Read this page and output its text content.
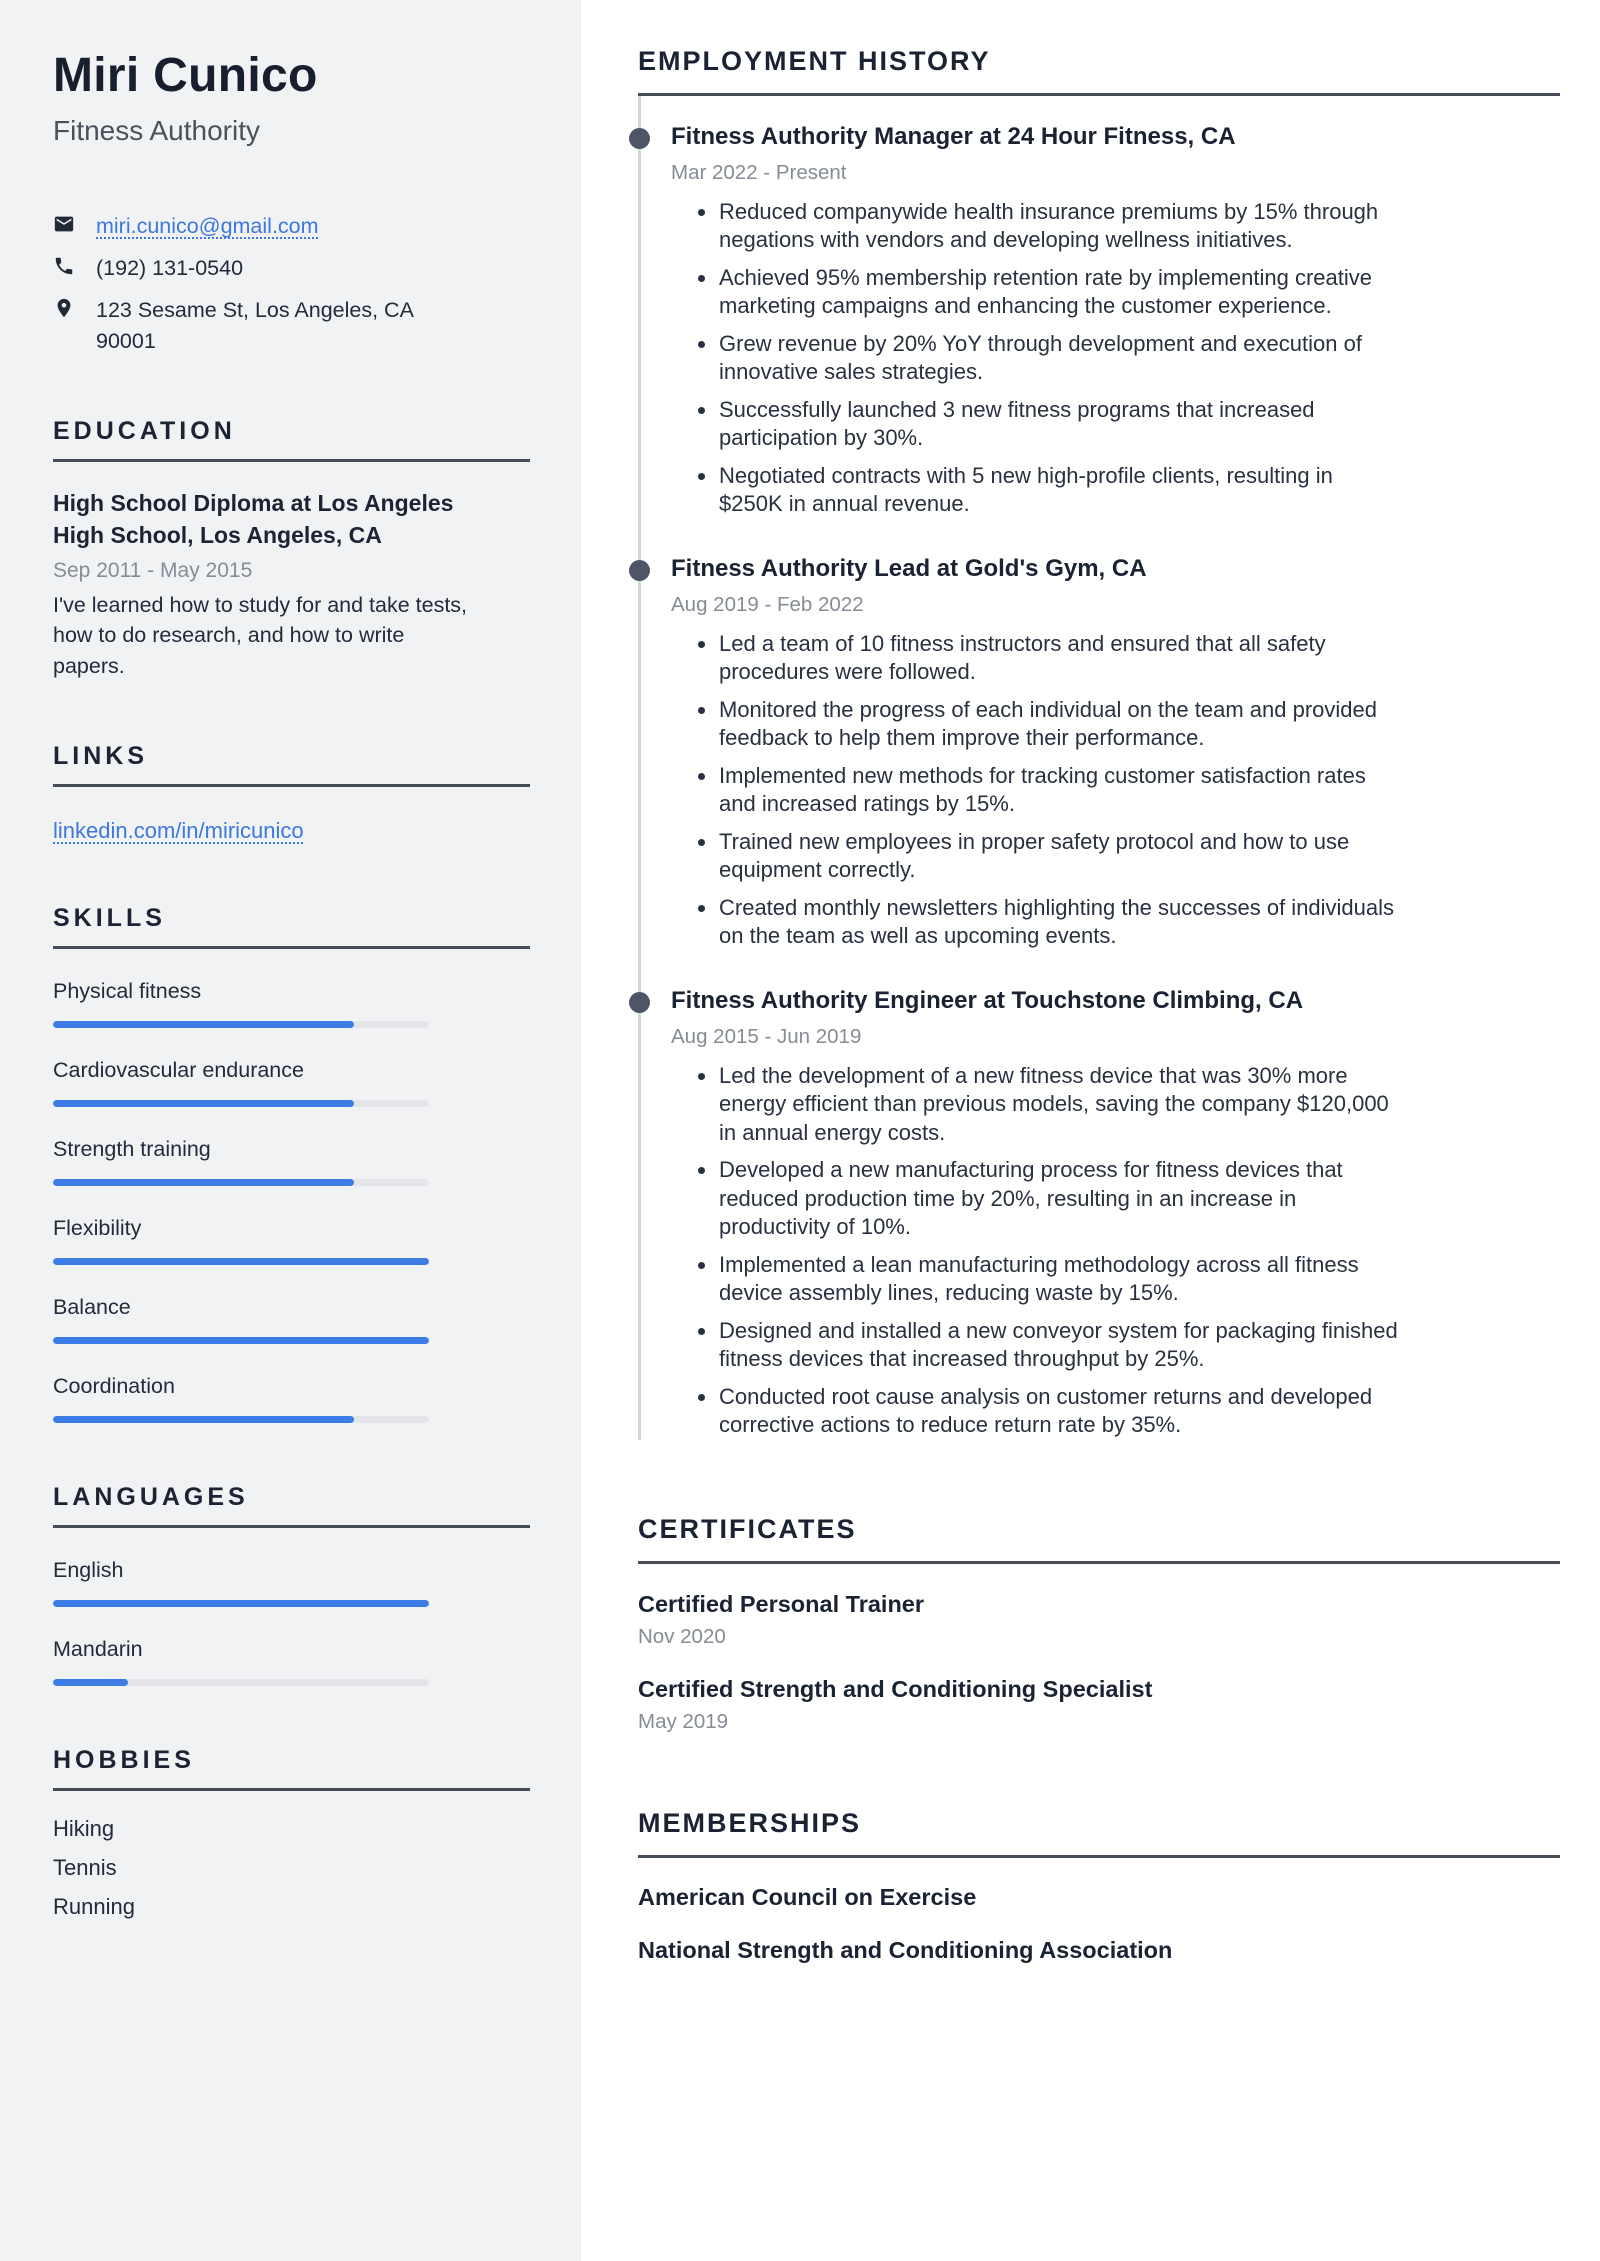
Miri Cunico
Fitness Authority
miri.cunico@gmail.com
(192) 131-0540
123 Sesame St, Los Angeles, CA
90001
EDUCATION
High School Diploma at Los Angeles High School, Los Angeles, CA
Sep 2011 - May 2015
I've learned how to study for and take tests, how to do research, and how to write papers.
LINKS
linkedin.com/in/miricunico
SKILLS
Physical fitness
Cardiovascular endurance
Strength training
Flexibility
Balance
Coordination
LANGUAGES
English
Mandarin
HOBBIES
Hiking
Tennis
Running
EMPLOYMENT HISTORY
Fitness Authority Manager at 24 Hour Fitness, CA
Mar 2022 - Present
• Reduced companywide health insurance premiums by 15% through negations with vendors and developing wellness initiatives.
• Achieved 95% membership retention rate by implementing creative marketing campaigns and enhancing the customer experience.
• Grew revenue by 20% YoY through development and execution of innovative sales strategies.
• Successfully launched 3 new fitness programs that increased participation by 30%.
• Negotiated contracts with 5 new high-profile clients, resulting in $250K in annual revenue.
Fitness Authority Lead at Gold's Gym, CA
Aug 2019 - Feb 2022
• Led a team of 10 fitness instructors and ensured that all safety procedures were followed.
• Monitored the progress of each individual on the team and provided feedback to help them improve their performance.
• Implemented new methods for tracking customer satisfaction rates and increased ratings by 15%.
• Trained new employees in proper safety protocol and how to use equipment correctly.
• Created monthly newsletters highlighting the successes of individuals on the team as well as upcoming events.
Fitness Authority Engineer at Touchstone Climbing, CA
Aug 2015 - Jun 2019
• Led the development of a new fitness device that was 30% more energy efficient than previous models, saving the company $120,000 in annual energy costs.
• Developed a new manufacturing process for fitness devices that reduced production time by 20%, resulting in an increase in productivity of 10%.
• Implemented a lean manufacturing methodology across all fitness device assembly lines, reducing waste by 15%.
• Designed and installed a new conveyor system for packaging finished fitness devices that increased throughput by 25%.
• Conducted root cause analysis on customer returns and developed corrective actions to reduce return rate by 35%.
CERTIFICATES
Certified Personal Trainer
Nov 2020
Certified Strength and Conditioning Specialist
May 2019
MEMBERSHIPS
American Council on Exercise
National Strength and Conditioning Association
